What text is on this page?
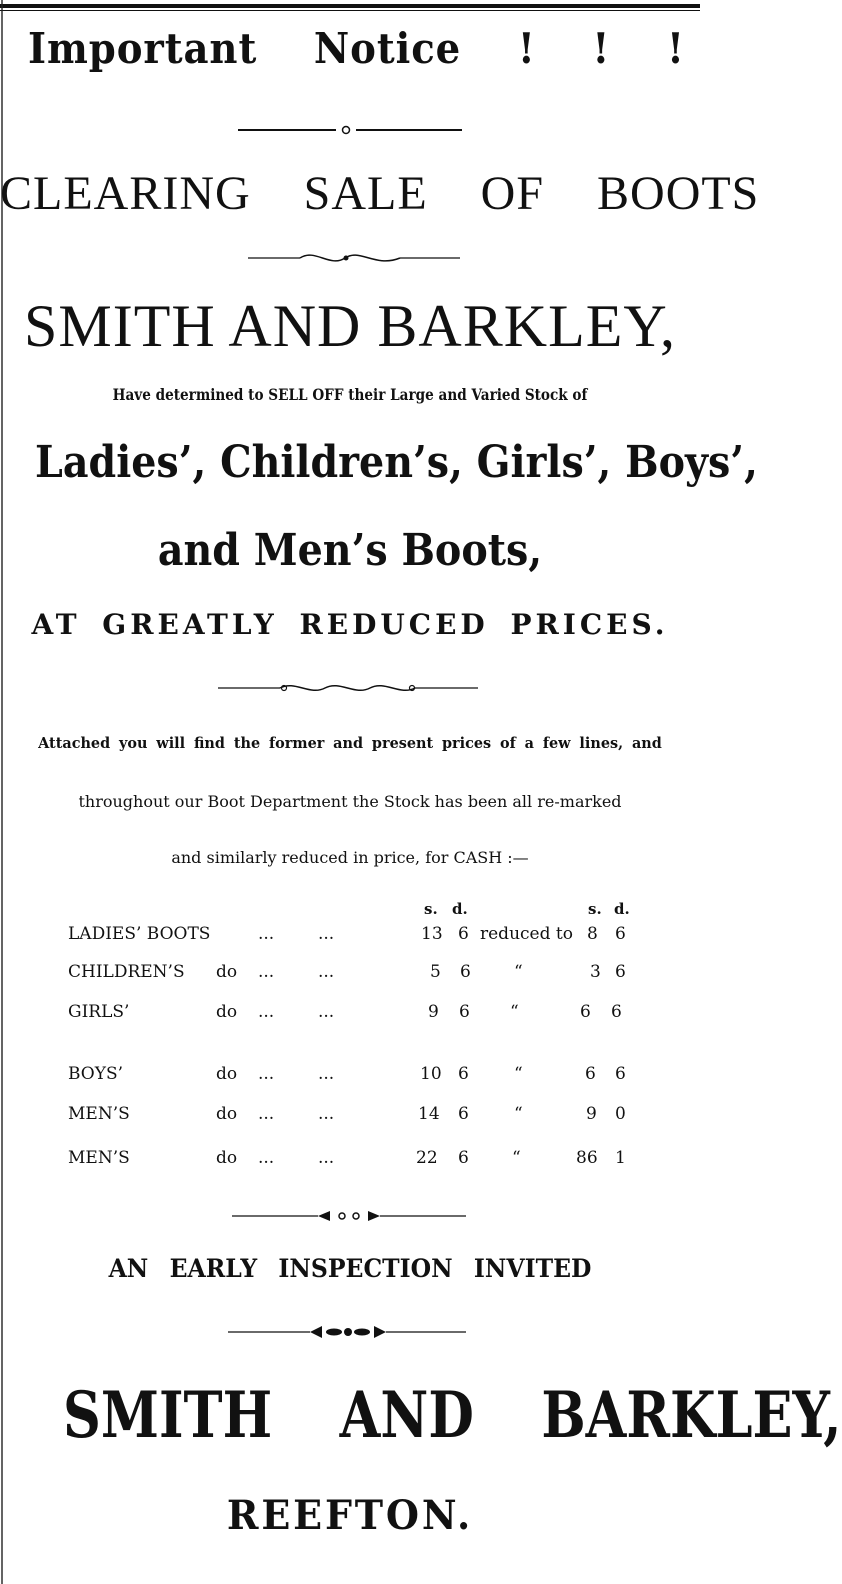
Important Notice ! ! !
CLEARING SALE OF BOOTS
SMITH AND BARKLEY,
Have determined to SELL OFF their Large and Varied Stock of
Ladies’, Children’s, Girls’, Boys’,
and Men’s Boots,
AT GREATLY REDUCED PRICES.
Attached you will find the former and present prices of a few lines, and
throughout our Boot Department the Stock has been all re-marked
and similarly reduced in price, for CASH :—
s. d.	s. d.
LADIES’ BOOTS	...	...	13 6 reduced to 8 6
CHILDREN’S do ...	...	5 6	“	3 6
GIRLS’	do ...	...	9 6 “	6 6
BOYS’	do ...	...	10 6	“	6 6
MEN’S	do ...	...	14 6	“	9 0
MEN’S	do ...	...	22 6	“	86 1
AN EARLY INSPECTION INVITED
SMITH AND BARKLEY,
REEFTON.
